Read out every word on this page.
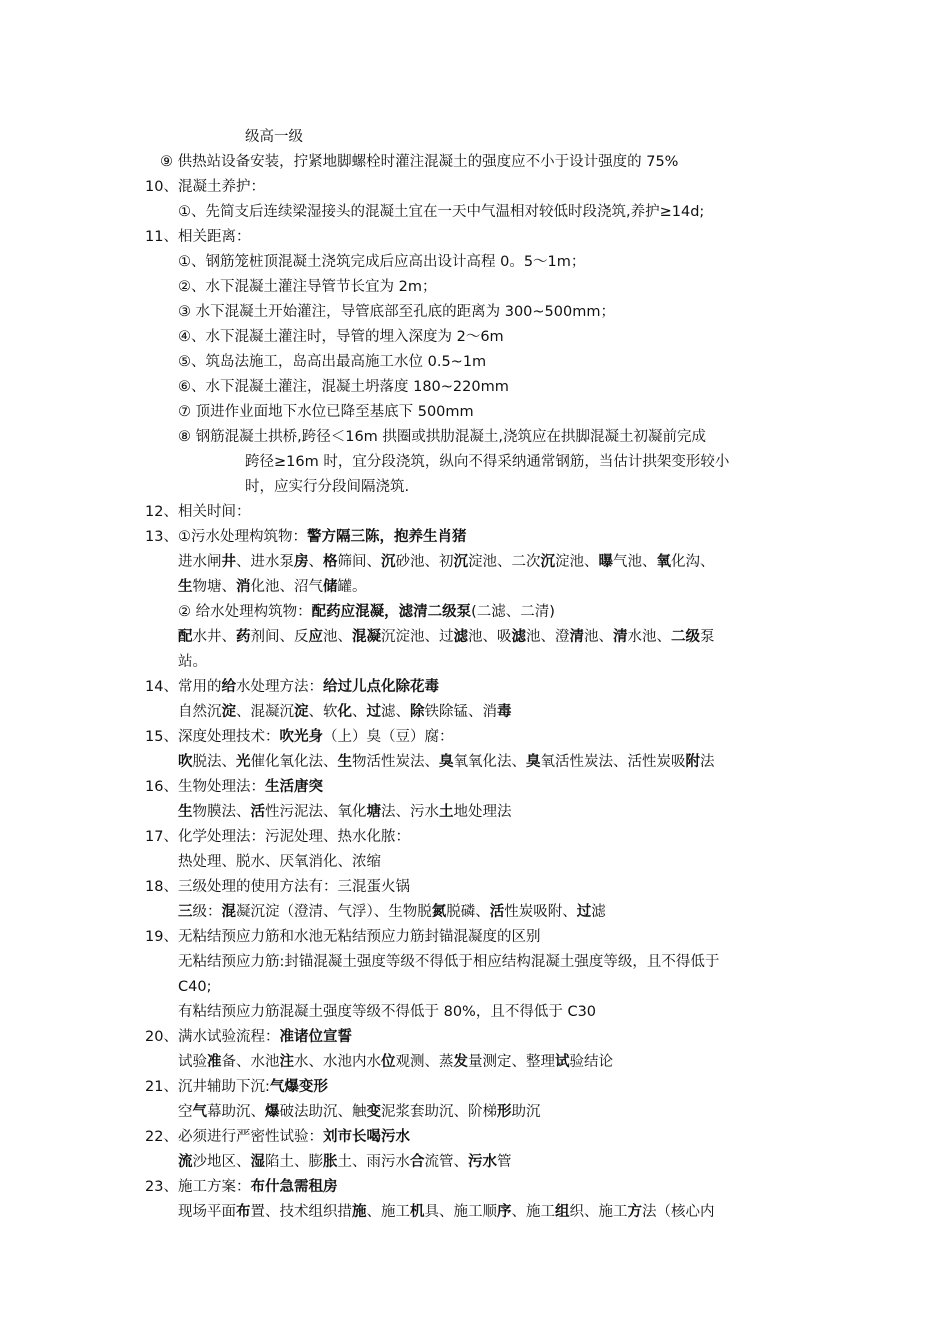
级高一级
⑨ 供热站设备安装，拧紧地脚螺栓时灌注混凝土的强度应不小于设计强度的 75%
10、混凝土养护：
①、先简支后连续梁湿接头的混凝土宜在一天中气温相对较低时段浇筑,养护≥14d;
11、相关距离：
①、钢筋笼桩顶混凝土浇筑完成后应高出设计高程 0。5～1m；
②、水下混凝土灌注导管节长宜为 2m；
③ 水下混凝土开始灌注，导管底部至孔底的距离为 300~500mm；
④、水下混凝土灌注时，导管的埋入深度为 2～6m
⑤、筑岛法施工，岛高出最高施工水位 0.5~1m
⑥、水下混凝土灌注，混凝土坍落度 180~220mm
⑦ 顶进作业面地下水位已降至基底下 500mm
⑧ 钢筋混凝土拱桥,跨径＜16m 拱圈或拱肋混凝土,浇筑应在拱脚混凝土初凝前完成
跨径≥16m 时，宜分段浇筑，纵向不得采纳通常钢筋，当估计拱架变形较小
时，应实行分段间隔浇筑.
12、相关时间：
13、①污水处理构筑物：警方隔三陈，抱养生肖猪
进水闸井、进水泵房、格筛间、沉砂池、初沉淀池、二次沉淀池、曝气池、氧化沟、
生物塘、消化池、沼气储罐。
② 给水处理构筑物：配药应混凝，滤清二级泵(二滤、二清)
配水井、药剂间、反应池、混凝沉淀池、过滤池、吸滤池、澄清池、清水池、二级泵
站。
14、常用的给水处理方法：给过儿点化除花毒
自然沉淀、混凝沉淀、软化、过滤、除铁除锰、消毒
15、深度处理技术：吹光身（上）臭（豆）腐：
吹脱法、光催化氧化法、生物活性炭法、臭氧氧化法、臭氧活性炭法、活性炭吸附法
16、生物处理法：生活唐突
生物膜法、活性污泥法、氧化塘法、污水土地处理法
17、化学处理法：污泥处理、热水化脓：
热处理、脱水、厌氧消化、浓缩
18、三级处理的使用方法有：三混蛋火锅
三级：混凝沉淀（澄清、气浮）、生物脱氮脱磷、活性炭吸附、过滤
19、无粘结预应力筋和水池无粘结预应力筋封锚混凝度的区别
无粘结预应力筋:封锚混凝土强度等级不得低于相应结构混凝土强度等级，且不得低于
C40;
有粘结预应力筋混凝土强度等级不得低于 80%，且不得低于 C30
20、满水试验流程：准诸位宣誓
试验准备、水池注水、水池内水位观测、蒸发量测定、整理试验结论
21、沉井辅助下沉:气爆变形
空气幕助沉、爆破法助沉、触变泥浆套助沉、阶梯形助沉
22、必须进行严密性试验：刘市长喝污水
流沙地区、湿陷土、膨胀土、雨污水合流管、污水管
23、施工方案：布什急需租房
现场平面布置、技术组织措施、施工机具、施工顺序、施工组织、施工方法（核心内
